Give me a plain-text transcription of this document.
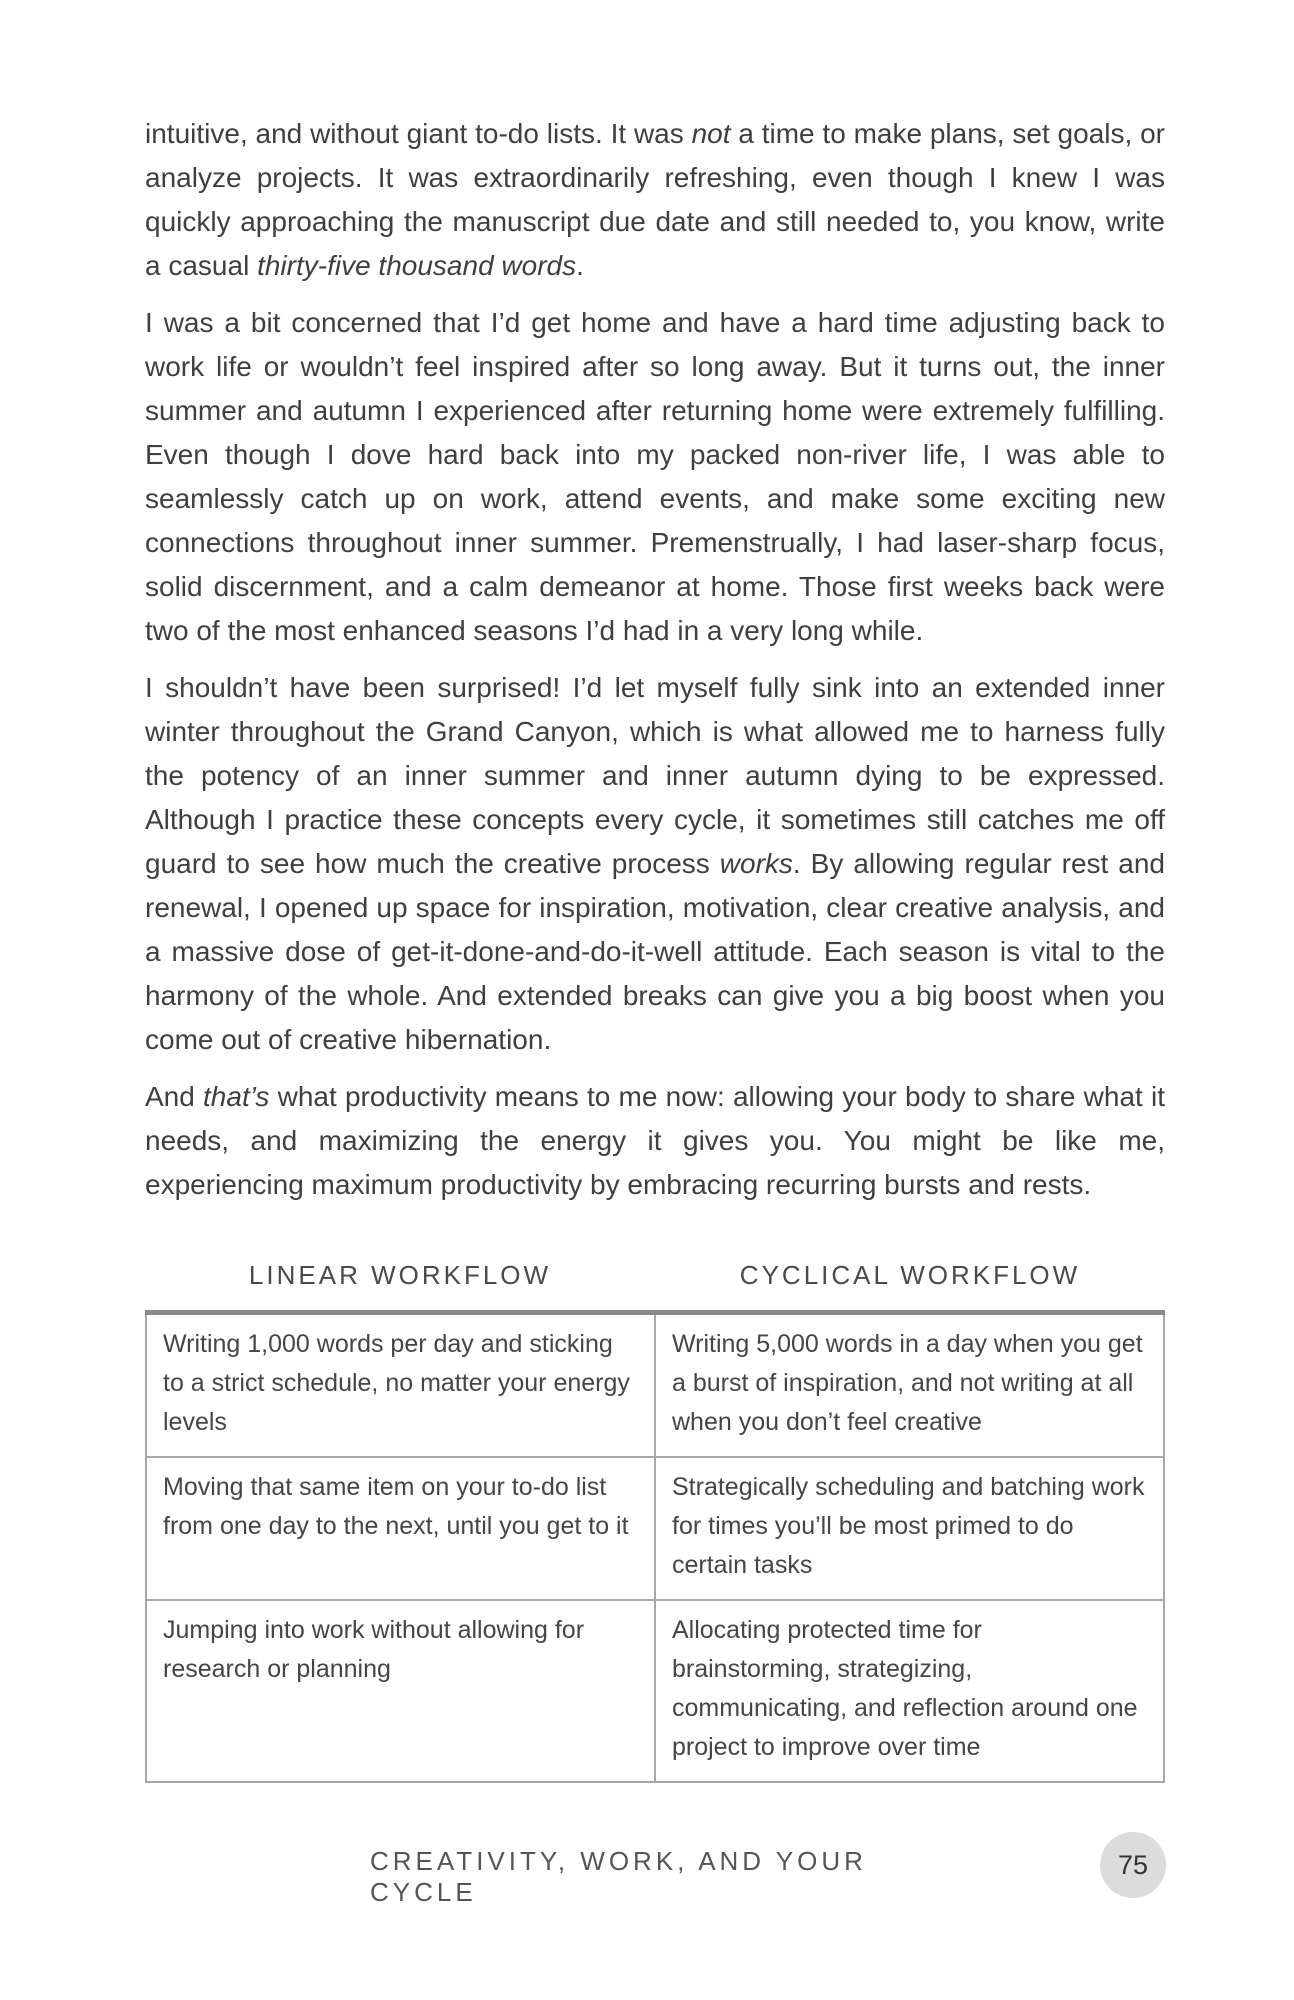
intuitive, and without giant to-do lists. It was not a time to make plans, set goals, or analyze projects. It was extraordinarily refreshing, even though I knew I was quickly approaching the manuscript due date and still needed to, you know, write a casual thirty-five thousand words.

I was a bit concerned that I’d get home and have a hard time adjusting back to work life or wouldn’t feel inspired after so long away. But it turns out, the inner summer and autumn I experienced after returning home were extremely fulfilling. Even though I dove hard back into my packed non-river life, I was able to seamlessly catch up on work, attend events, and make some exciting new connections throughout inner summer. Premenstrually, I had laser-sharp focus, solid discernment, and a calm demeanor at home. Those first weeks back were two of the most enhanced seasons I’d had in a very long while.

I shouldn’t have been surprised! I’d let myself fully sink into an extended inner winter throughout the Grand Canyon, which is what allowed me to harness fully the potency of an inner summer and inner autumn dying to be expressed. Although I practice these concepts every cycle, it sometimes still catches me off guard to see how much the creative process works. By allowing regular rest and renewal, I opened up space for inspiration, motivation, clear creative analysis, and a massive dose of get-it-done-and-do-it-well attitude. Each season is vital to the harmony of the whole. And extended breaks can give you a big boost when you come out of creative hibernation.

And that’s what productivity means to me now: allowing your body to share what it needs, and maximizing the energy it gives you. You might be like me, experiencing maximum productivity by embracing recurring bursts and rests.

LINEAR WORKFLOW	CYCLICAL WORKFLOW
Writing 1,000 words per day and sticking to a strict schedule, no matter your energy levels	Writing 5,000 words in a day when you get a burst of inspiration, and not writing at all when you don’t feel creative
Moving that same item on your to-do list from one day to the next, until you get to it	Strategically scheduling and batching work for times you’ll be most primed to do certain tasks
Jumping into work without allowing for research or planning	Allocating protected time for brainstorming, strategizing, communicating, and reflection around one project to improve over time
CREATIVITY, WORK, AND YOUR CYCLE
75
